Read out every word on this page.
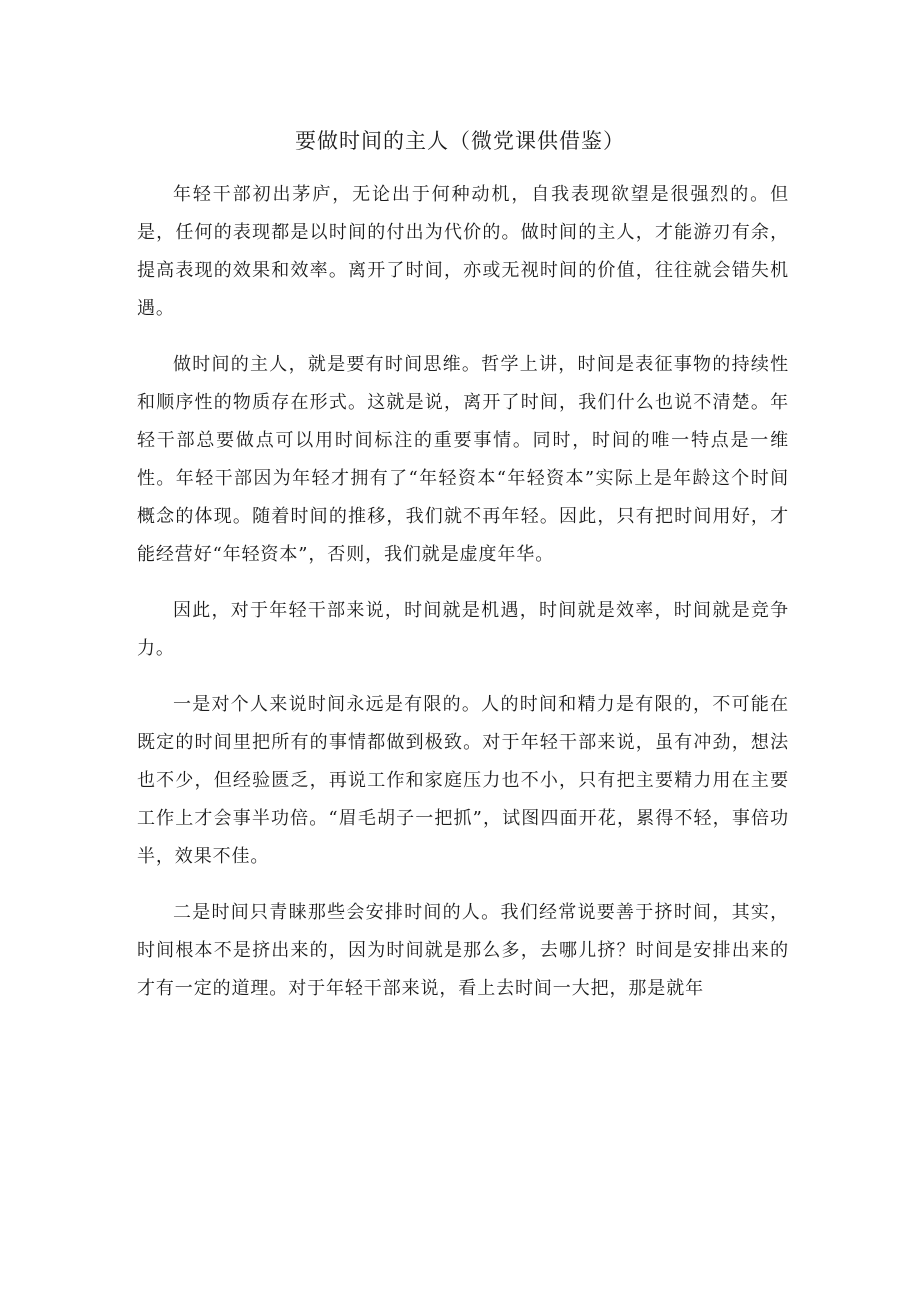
要做时间的主人（微党课供借鉴）

年轻干部初出茅庐，无论出于何种动机，自我表现欲望是很强烈的。但是，任何的表现都是以时间的付出为代价的。做时间的主人，才能游刃有余，提高表现的效果和效率。离开了时间，亦或无视时间的价值，往往就会错失机遇。

做时间的主人，就是要有时间思维。哲学上讲，时间是表征事物的持续性和顺序性的物质存在形式。这就是说，离开了时间，我们什么也说不清楚。年轻干部总要做点可以用时间标注的重要事情。同时，时间的唯一特点是一维性。年轻干部因为年轻才拥有了“年轻资本“年轻资本”实际上是年龄这个时间概念的体现。随着时间的推移，我们就不再年轻。因此，只有把时间用好，才能经营好“年轻资本”，否则，我们就是虚度年华。

因此，对于年轻干部来说，时间就是机遇，时间就是效率，时间就是竞争力。

一是对个人来说时间永远是有限的。人的时间和精力是有限的，不可能在既定的时间里把所有的事情都做到极致。对于年轻干部来说，虽有冲劲，想法也不少，但经验匮乏，再说工作和家庭压力也不小，只有把主要精力用在主要工作上才会事半功倍。“眉毛胡子一把抓”，试图四面开花，累得不轻，事倍功半，效果不佳。

二是时间只青睐那些会安排时间的人。我们经常说要善于挤时间，其实，时间根本不是挤出来的，因为时间就是那么多，去哪儿挤？时间是安排出来的才有一定的道理。对于年轻干部来说，看上去时间一大把，那是就年
